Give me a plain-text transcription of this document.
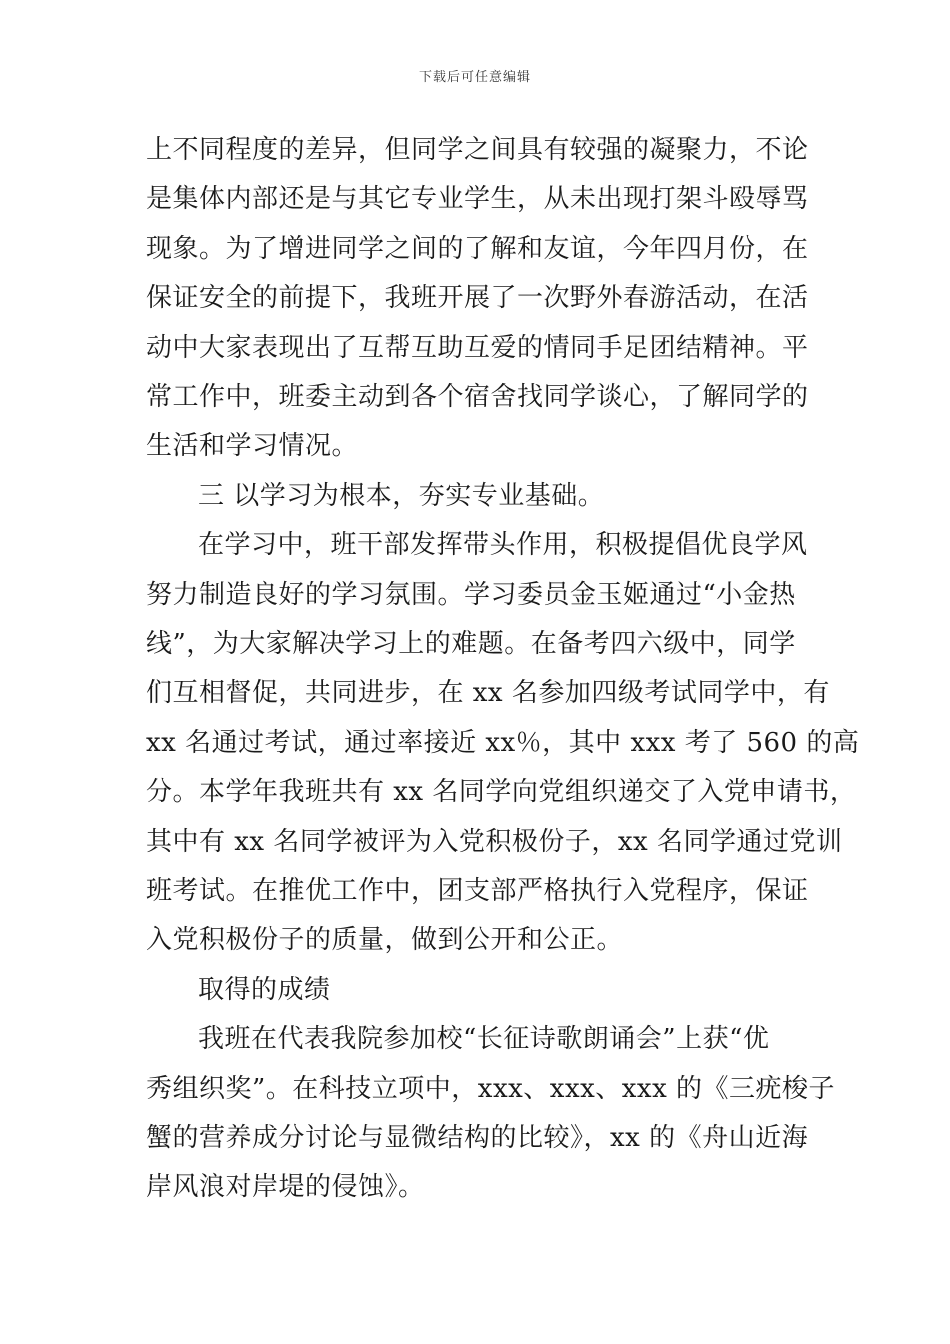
下载后可任意编辑
上不同程度的差异，但同学之间具有较强的凝聚力，不论
是集体内部还是与其它专业学生，从未出现打架斗殴辱骂
现象。为了增进同学之间的了解和友谊，今年四月份，在
保证安全的前提下，我班开展了一次野外春游活动，在活
动中大家表现出了互帮互助互爱的情同手足团结精神。平
常工作中，班委主动到各个宿舍找同学谈心，了解同学的
生活和学习情况。
三 以学习为根本，夯实专业基础。
在学习中，班干部发挥带头作用，积极提倡优良学风
努力制造良好的学习氛围。学习委员金玉姬通过“小金热
线”，为大家解决学习上的难题。在备考四六级中，同学
们互相督促，共同进步，在 xx 名参加四级考试同学中，有
xx 名通过考试，通过率接近 xx％，其中 xxx 考了 560 的高
分。本学年我班共有 xx 名同学向党组织递交了入党申请书，
其中有 xx 名同学被评为入党积极份子，xx 名同学通过党训
班考试。在推优工作中，团支部严格执行入党程序，保证
入党积极份子的质量，做到公开和公正。
取得的成绩
我班在代表我院参加校“长征诗歌朗诵会”上获“优
秀组织奖”。在科技立项中，xxx、xxx、xxx 的《三疣梭子
蟹的营养成分讨论与显微结构的比较》，xx 的《舟山近海
岸风浪对岸堤的侵蚀》。
